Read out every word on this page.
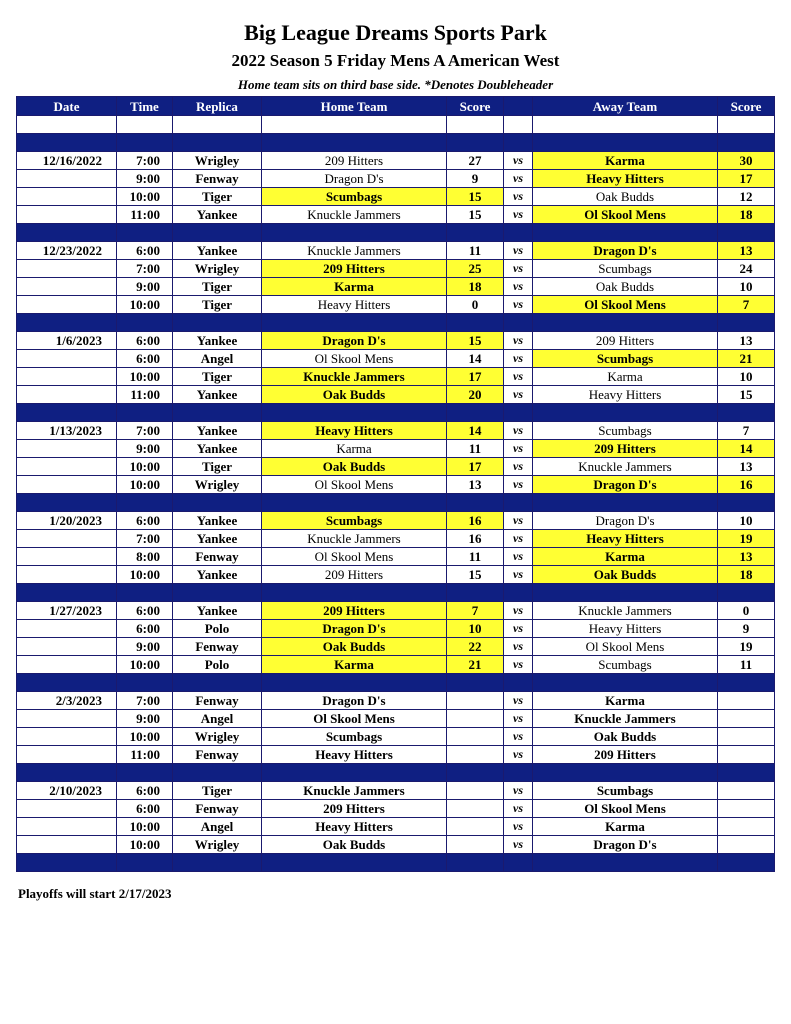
Big League Dreams Sports Park
2022 Season 5 Friday Mens A American West
Home team sits on third base side. *Denotes Doubleheader
Date	Time	Replica	Home Team	Score		Away Team	Score

12/16/2022	7:00	Wrigley	209 Hitters	27	vs	Karma	30
	9:00	Fenway	Dragon D's	9	vs	Heavy Hitters	17
	10:00	Tiger	Scumbags	15	vs	Oak Budds	12
	11:00	Yankee	Knuckle Jammers	15	vs	Ol Skool Mens	18

12/23/2022	6:00	Yankee	Knuckle Jammers	11	vs	Dragon D's	13
	7:00	Wrigley	209 Hitters	25	vs	Scumbags	24
	9:00	Tiger	Karma	18	vs	Oak Budds	10
	10:00	Tiger	Heavy Hitters	0	vs	Ol Skool Mens	7

1/6/2023	6:00	Yankee	Dragon D's	15	vs	209 Hitters	13
	6:00	Angel	Ol Skool Mens	14	vs	Scumbags	21
	10:00	Tiger	Knuckle Jammers	17	vs	Karma	10
	11:00	Yankee	Oak Budds	20	vs	Heavy Hitters	15

1/13/2023	7:00	Yankee	Heavy Hitters	14	vs	Scumbags	7
	9:00	Yankee	Karma	11	vs	209 Hitters	14
	10:00	Tiger	Oak Budds	17	vs	Knuckle Jammers	13
	10:00	Wrigley	Ol Skool Mens	13	vs	Dragon D's	16

1/20/2023	6:00	Yankee	Scumbags	16	vs	Dragon D's	10
	7:00	Yankee	Knuckle Jammers	16	vs	Heavy Hitters	19
	8:00	Fenway	Ol Skool Mens	11	vs	Karma	13
	10:00	Yankee	209 Hitters	15	vs	Oak Budds	18

1/27/2023	6:00	Yankee	209 Hitters	7	vs	Knuckle Jammers	0
	6:00	Polo	Dragon D's	10	vs	Heavy Hitters	9
	9:00	Fenway	Oak Budds	22	vs	Ol Skool Mens	19
	10:00	Polo	Karma	21	vs	Scumbags	11

2/3/2023	7:00	Fenway	Dragon D's		vs	Karma	
	9:00	Angel	Ol Skool Mens		vs	Knuckle Jammers	
	10:00	Wrigley	Scumbags		vs	Oak Budds	
	11:00	Fenway	Heavy Hitters		vs	209 Hitters	

2/10/2023	6:00	Tiger	Knuckle Jammers		vs	Scumbags	
	6:00	Fenway	209 Hitters		vs	Ol Skool Mens	
	10:00	Angel	Heavy Hitters		vs	Karma	
	10:00	Wrigley	Oak Budds		vs	Dragon D's	

Playoffs will start 2/17/2023
